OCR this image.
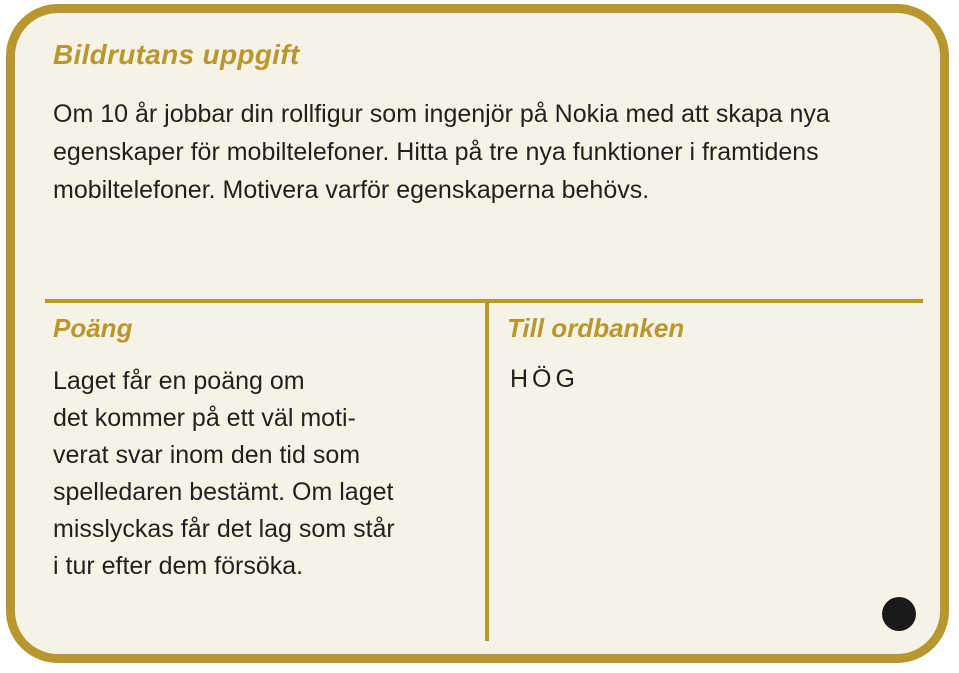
Bildrutans uppgift

Om 10 år jobbar din rollfigur som ingenjör på Nokia med att skapa nya egenskaper för mobiltelefoner. Hitta på tre nya funktioner i framtidens mobiltelefoner. Motivera varför egenskaperna behövs.

Poäng

Laget får en poäng om
det kommer på ett väl moti-
verat svar inom den tid som
spelledaren bestämt. Om laget
misslyckas får det lag som står
i tur efter dem försöka.

Till ordbanken

HÖG
